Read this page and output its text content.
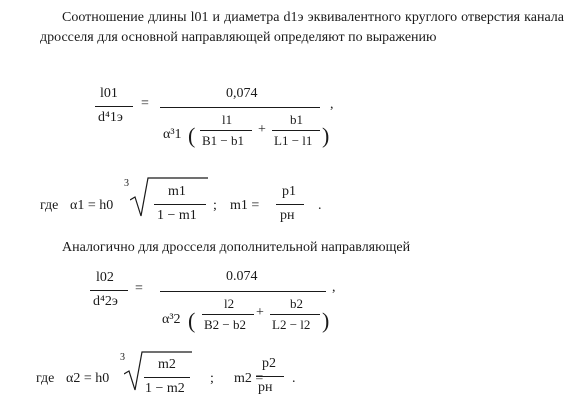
Соотношение длины l01 и диаметра d1э эквивалентного круглого отверстия канала дросселя для основной направляющей определяют по выражению
l01
d⁴1э
=
0,074
α³1 (
l1
B1 − b1
+
b1
L1 − l1 )
,
где α1 = h0
3
m1
1 − m1
; m1 =
p1
pн
.
Аналогично для дросселя дополнительной направляющей
l02
d⁴2э
=
0.074
α³2 (
l2
B2 − b2
+
b2
L2 − l2 )
,
где α2 = h0
3 m2
1 − m2
; m2 =
p2
pн
.
